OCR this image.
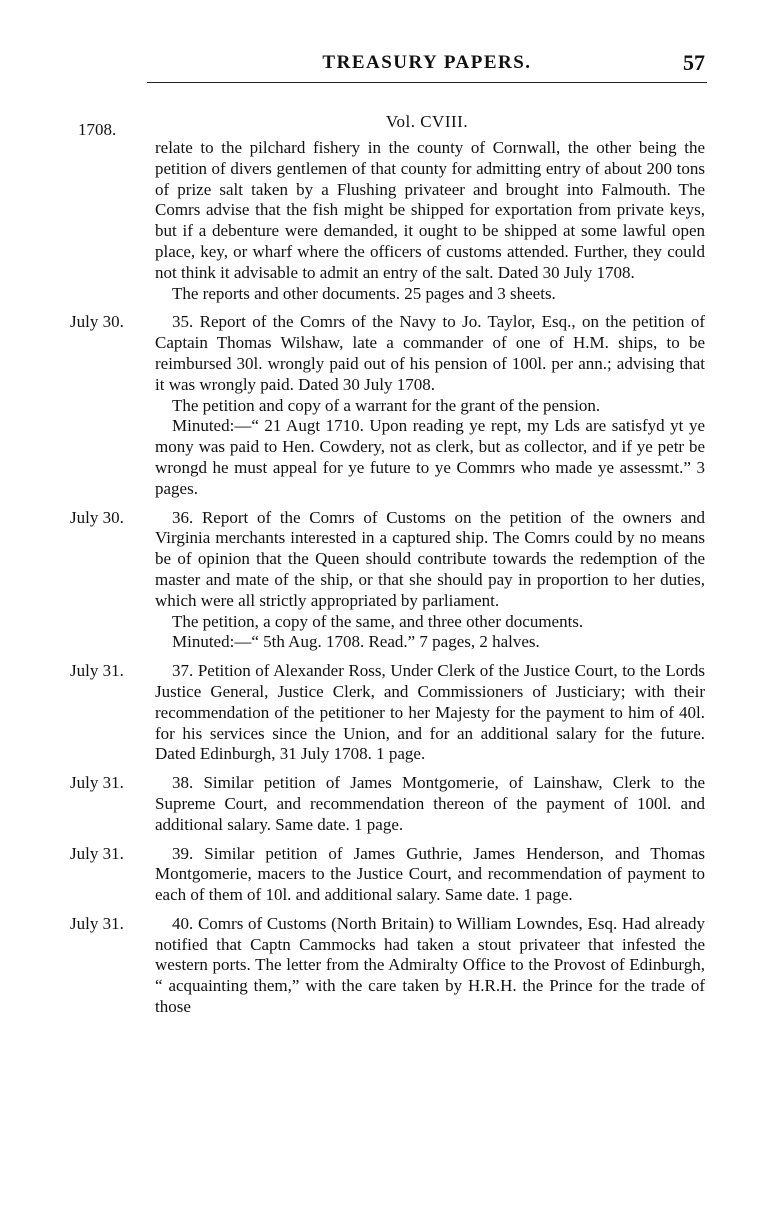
TREASURY PAPERS.	57
Vol. CVIII.
1708.

relate to the pilchard fishery in the county of Cornwall, the other being the petition of divers gentlemen of that county for admitting entry of about 200 tons of prize salt taken by a Flushing privateer and brought into Falmouth. The Comrs advise that the fish might be shipped for exportation from private keys, but if a debenture were demanded, it ought to be shipped at some lawful open place, key, or wharf where the officers of customs attended. Further, they could not think it advisable to admit an entry of the salt. Dated 30 July 1708.

The reports and other documents. 25 pages and 3 sheets.

July 30.	35. Report of the Comrs of the Navy to Jo. Taylor, Esq., on the petition of Captain Thomas Wilshaw, late a commander of one of H.M. ships, to be reimbursed 30l. wrongly paid out of his pension of 100l. per ann.; advising that it was wrongly paid. Dated 30 July 1708.

The petition and copy of a warrant for the grant of the pension.

Minuted:—“ 21 Augt 1710. Upon reading ye rept, my Lds are satisfyd yt ye mony was paid to Hen. Cowdery, not as clerk, but as collector, and if ye petr be wrongd he must appeal for ye future to ye Commrs who made ye assessmt.” 3 pages.

July 30.	36. Report of the Comrs of Customs on the petition of the owners and Virginia merchants interested in a captured ship. The Comrs could by no means be of opinion that the Queen should contribute towards the redemption of the master and mate of the ship, or that she should pay in proportion to her duties, which were all strictly appropriated by parliament.

The petition, a copy of the same, and three other documents.

Minuted:—“ 5th Aug. 1708. Read.” 7 pages, 2 halves.

July 31.	37. Petition of Alexander Ross, Under Clerk of the Justice Court, to the Lords Justice General, Justice Clerk, and Commissioners of Justiciary; with their recommendation of the petitioner to her Majesty for the payment to him of 40l. for his services since the Union, and for an additional salary for the future. Dated Edinburgh, 31 July 1708. 1 page.

July 31.	38. Similar petition of James Montgomerie, of Lainshaw, Clerk to the Supreme Court, and recommendation thereon of the payment of 100l. and additional salary. Same date. 1 page.

July 31.	39. Similar petition of James Guthrie, James Henderson, and Thomas Montgomerie, macers to the Justice Court, and recommendation of payment to each of them of 10l. and additional salary. Same date. 1 page.

July 31.	40. Comrs of Customs (North Britain) to William Lowndes, Esq. Had already notified that Captn Cammocks had taken a stout privateer that infested the western ports. The letter from the Admiralty Office to the Provost of Edinburgh, “ acquainting them,” with the care taken by H.R.H. the Prince for the trade of those
